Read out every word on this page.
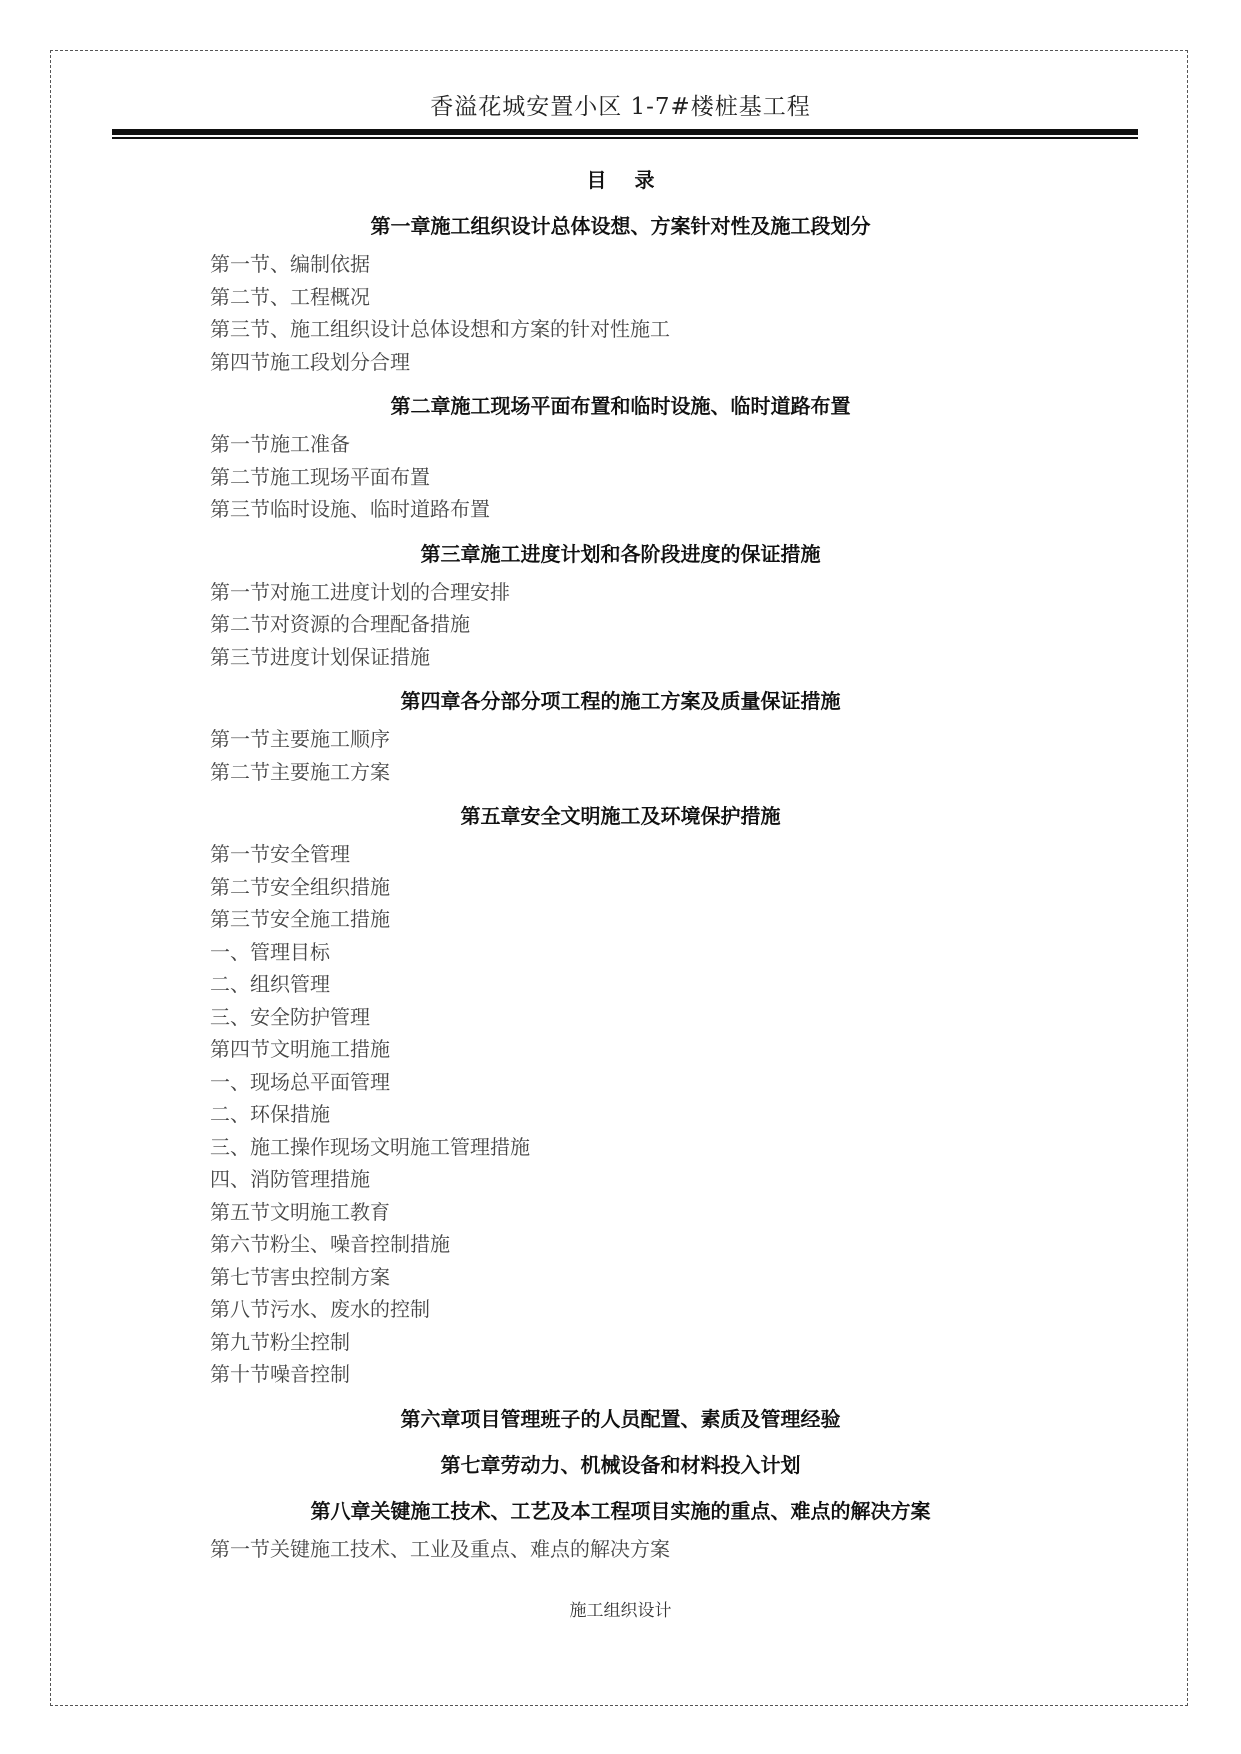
香溢花城安置小区 1-7#楼桩基工程
目录
第一章施工组织设计总体设想、方案针对性及施工段划分
第一节、编制依据
第二节、工程概况
第三节、施工组织设计总体设想和方案的针对性施工
第四节施工段划分合理
第二章施工现场平面布置和临时设施、临时道路布置
第一节施工准备
第二节施工现场平面布置
第三节临时设施、临时道路布置
第三章施工进度计划和各阶段进度的保证措施
第一节对施工进度计划的合理安排
第二节对资源的合理配备措施
第三节进度计划保证措施
第四章各分部分项工程的施工方案及质量保证措施
第一节主要施工顺序
第二节主要施工方案
第五章安全文明施工及环境保护措施
第一节安全管理
第二节安全组织措施
第三节安全施工措施
一、管理目标
二、组织管理
三、安全防护管理
第四节文明施工措施
一、现场总平面管理
二、环保措施
三、施工操作现场文明施工管理措施
四、消防管理措施
第五节文明施工教育
第六节粉尘、噪音控制措施
第七节害虫控制方案
第八节污水、废水的控制
第九节粉尘控制
第十节噪音控制
第六章项目管理班子的人员配置、素质及管理经验
第七章劳动力、机械设备和材料投入计划
第八章关键施工技术、工艺及本工程项目实施的重点、难点的解决方案
第一节关键施工技术、工业及重点、难点的解决方案
施工组织设计
